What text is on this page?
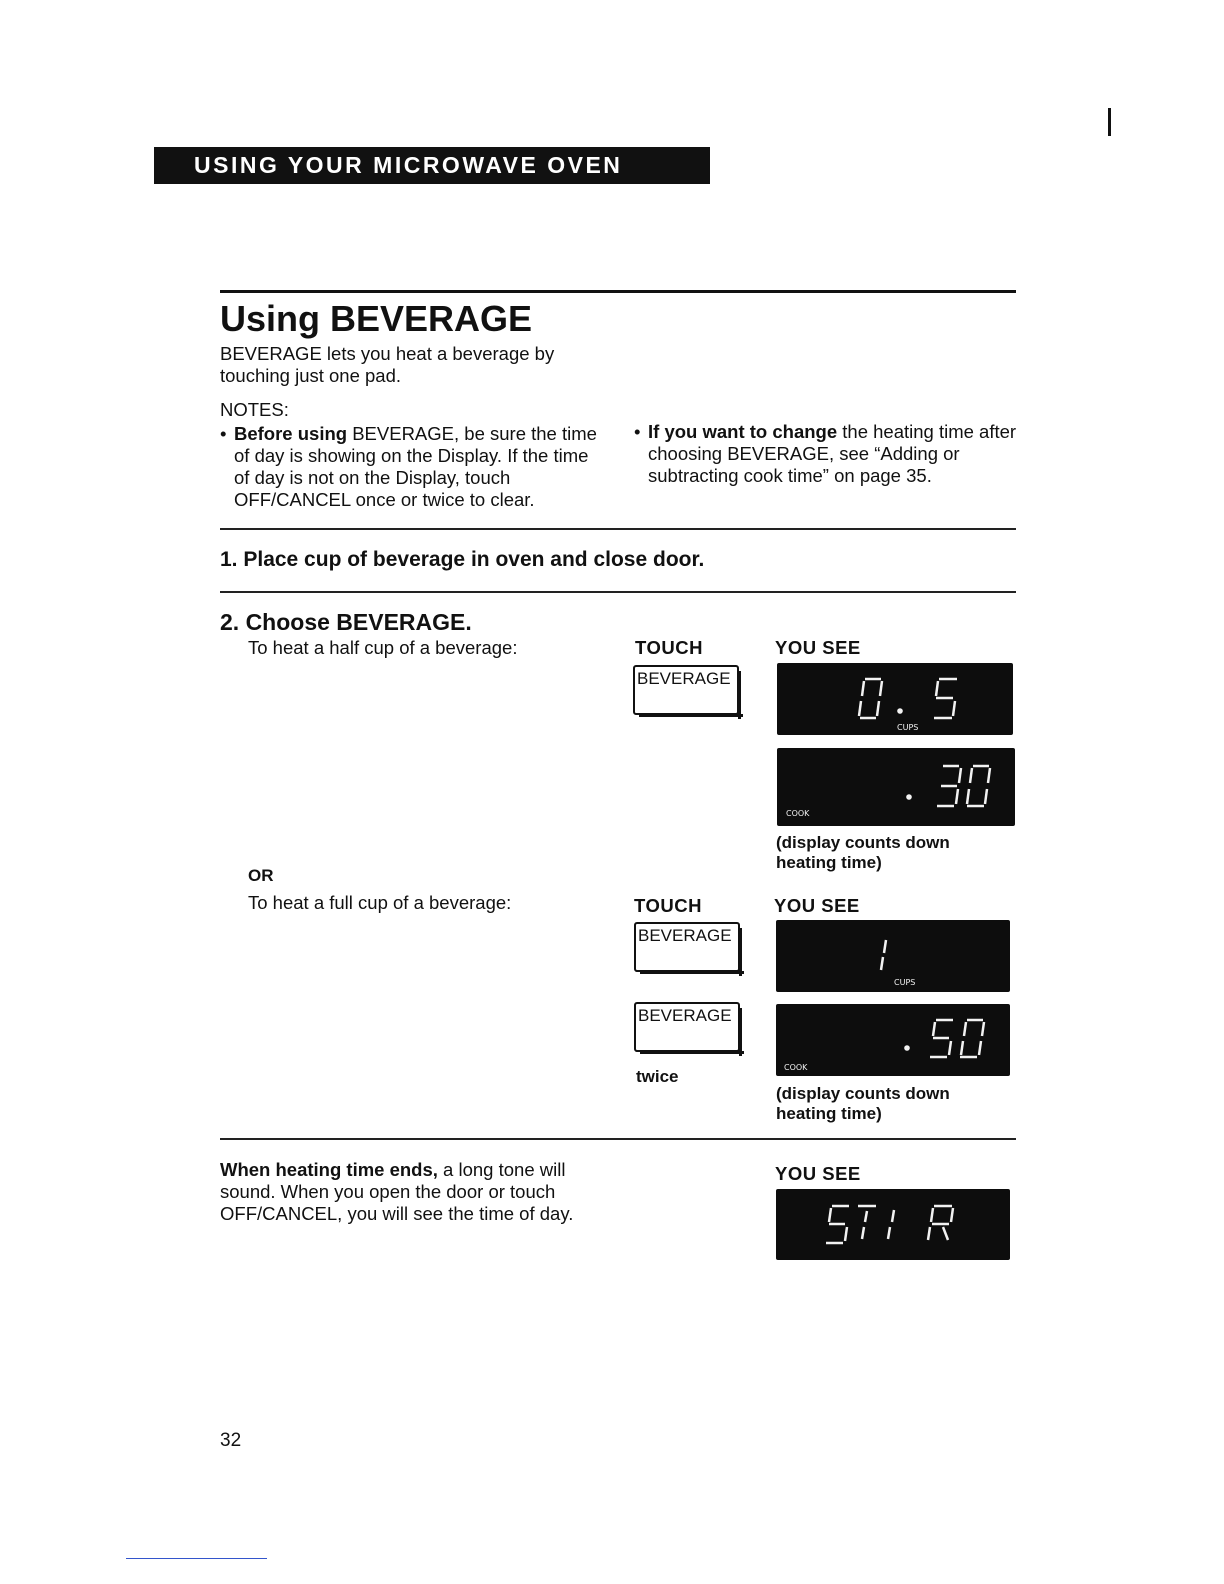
USING YOUR MICROWAVE OVEN
Using BEVERAGE
BEVERAGE lets you heat a beverage by touching just one pad.
NOTES:
• Before using BEVERAGE, be sure the time of day is showing on the Display. If the time of day is not on the Display, touch OFF/CANCEL once or twice to clear.
• If you want to change the heating time after choosing BEVERAGE, see “Adding or subtracting cook time” on page 35.
1. Place cup of beverage in oven and close door.
2. Choose BEVERAGE.
To heat a half cup of a beverage:	TOUCH	YOU SEE
BEVERAGE
CUPS
COOK
(display counts down heating time)
OR
To heat a full cup of a beverage:	TOUCH	YOU SEE
BEVERAGE
CUPS
BEVERAGE
twice	COOK
(display counts down heating time)
When heating time ends, a long tone will sound. When you open the door or touch OFF/CANCEL, you will see the time of day.
YOU SEE
32
